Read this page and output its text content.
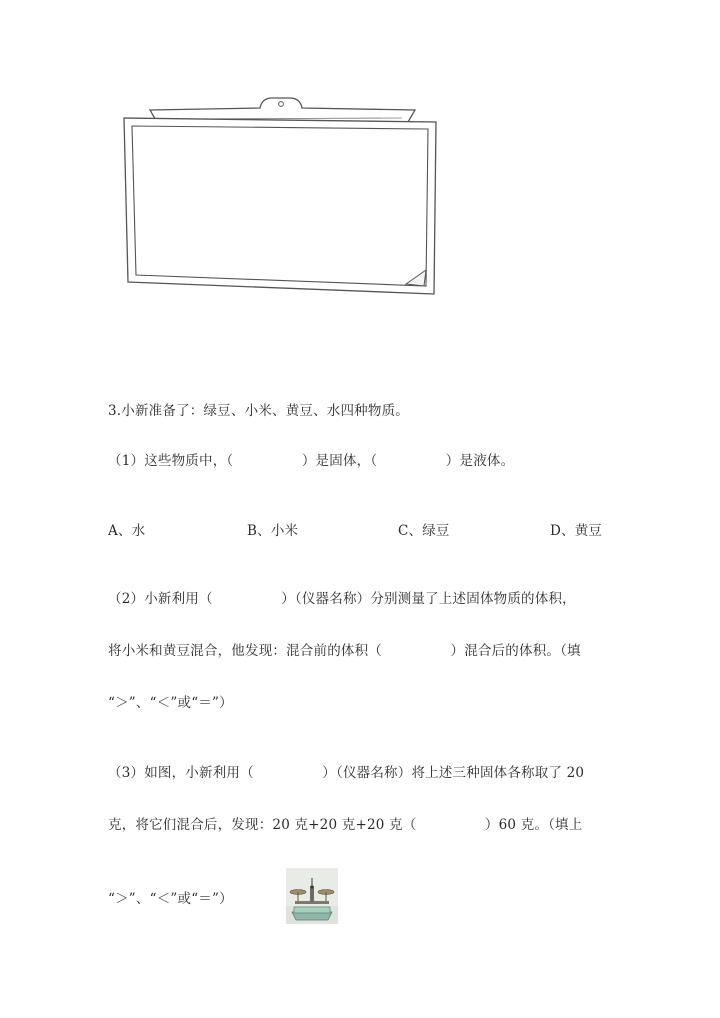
3.小新准备了：绿豆、小米、黄豆、水四种物质。
（1）这些物质中，（　　　　　）是固体，（　　　　　）是液体。
A、水	B、小米	C、绿豆	D、黄豆
（2）小新利用（　　　　　）（仪器名称）分别测量了上述固体物质的体积，
将小米和黄豆混合，他发现：混合前的体积（　　　　　）混合后的体积。（填
“＞”、“＜”或“＝”）
（3）如图，小新利用（　　　　　）（仪器名称）将上述三种固体各称取了 20
克，将它们混合后，发现：20 克+20 克+20 克（　　　　　）60 克。（填上
“＞”、“＜”或“＝”）
